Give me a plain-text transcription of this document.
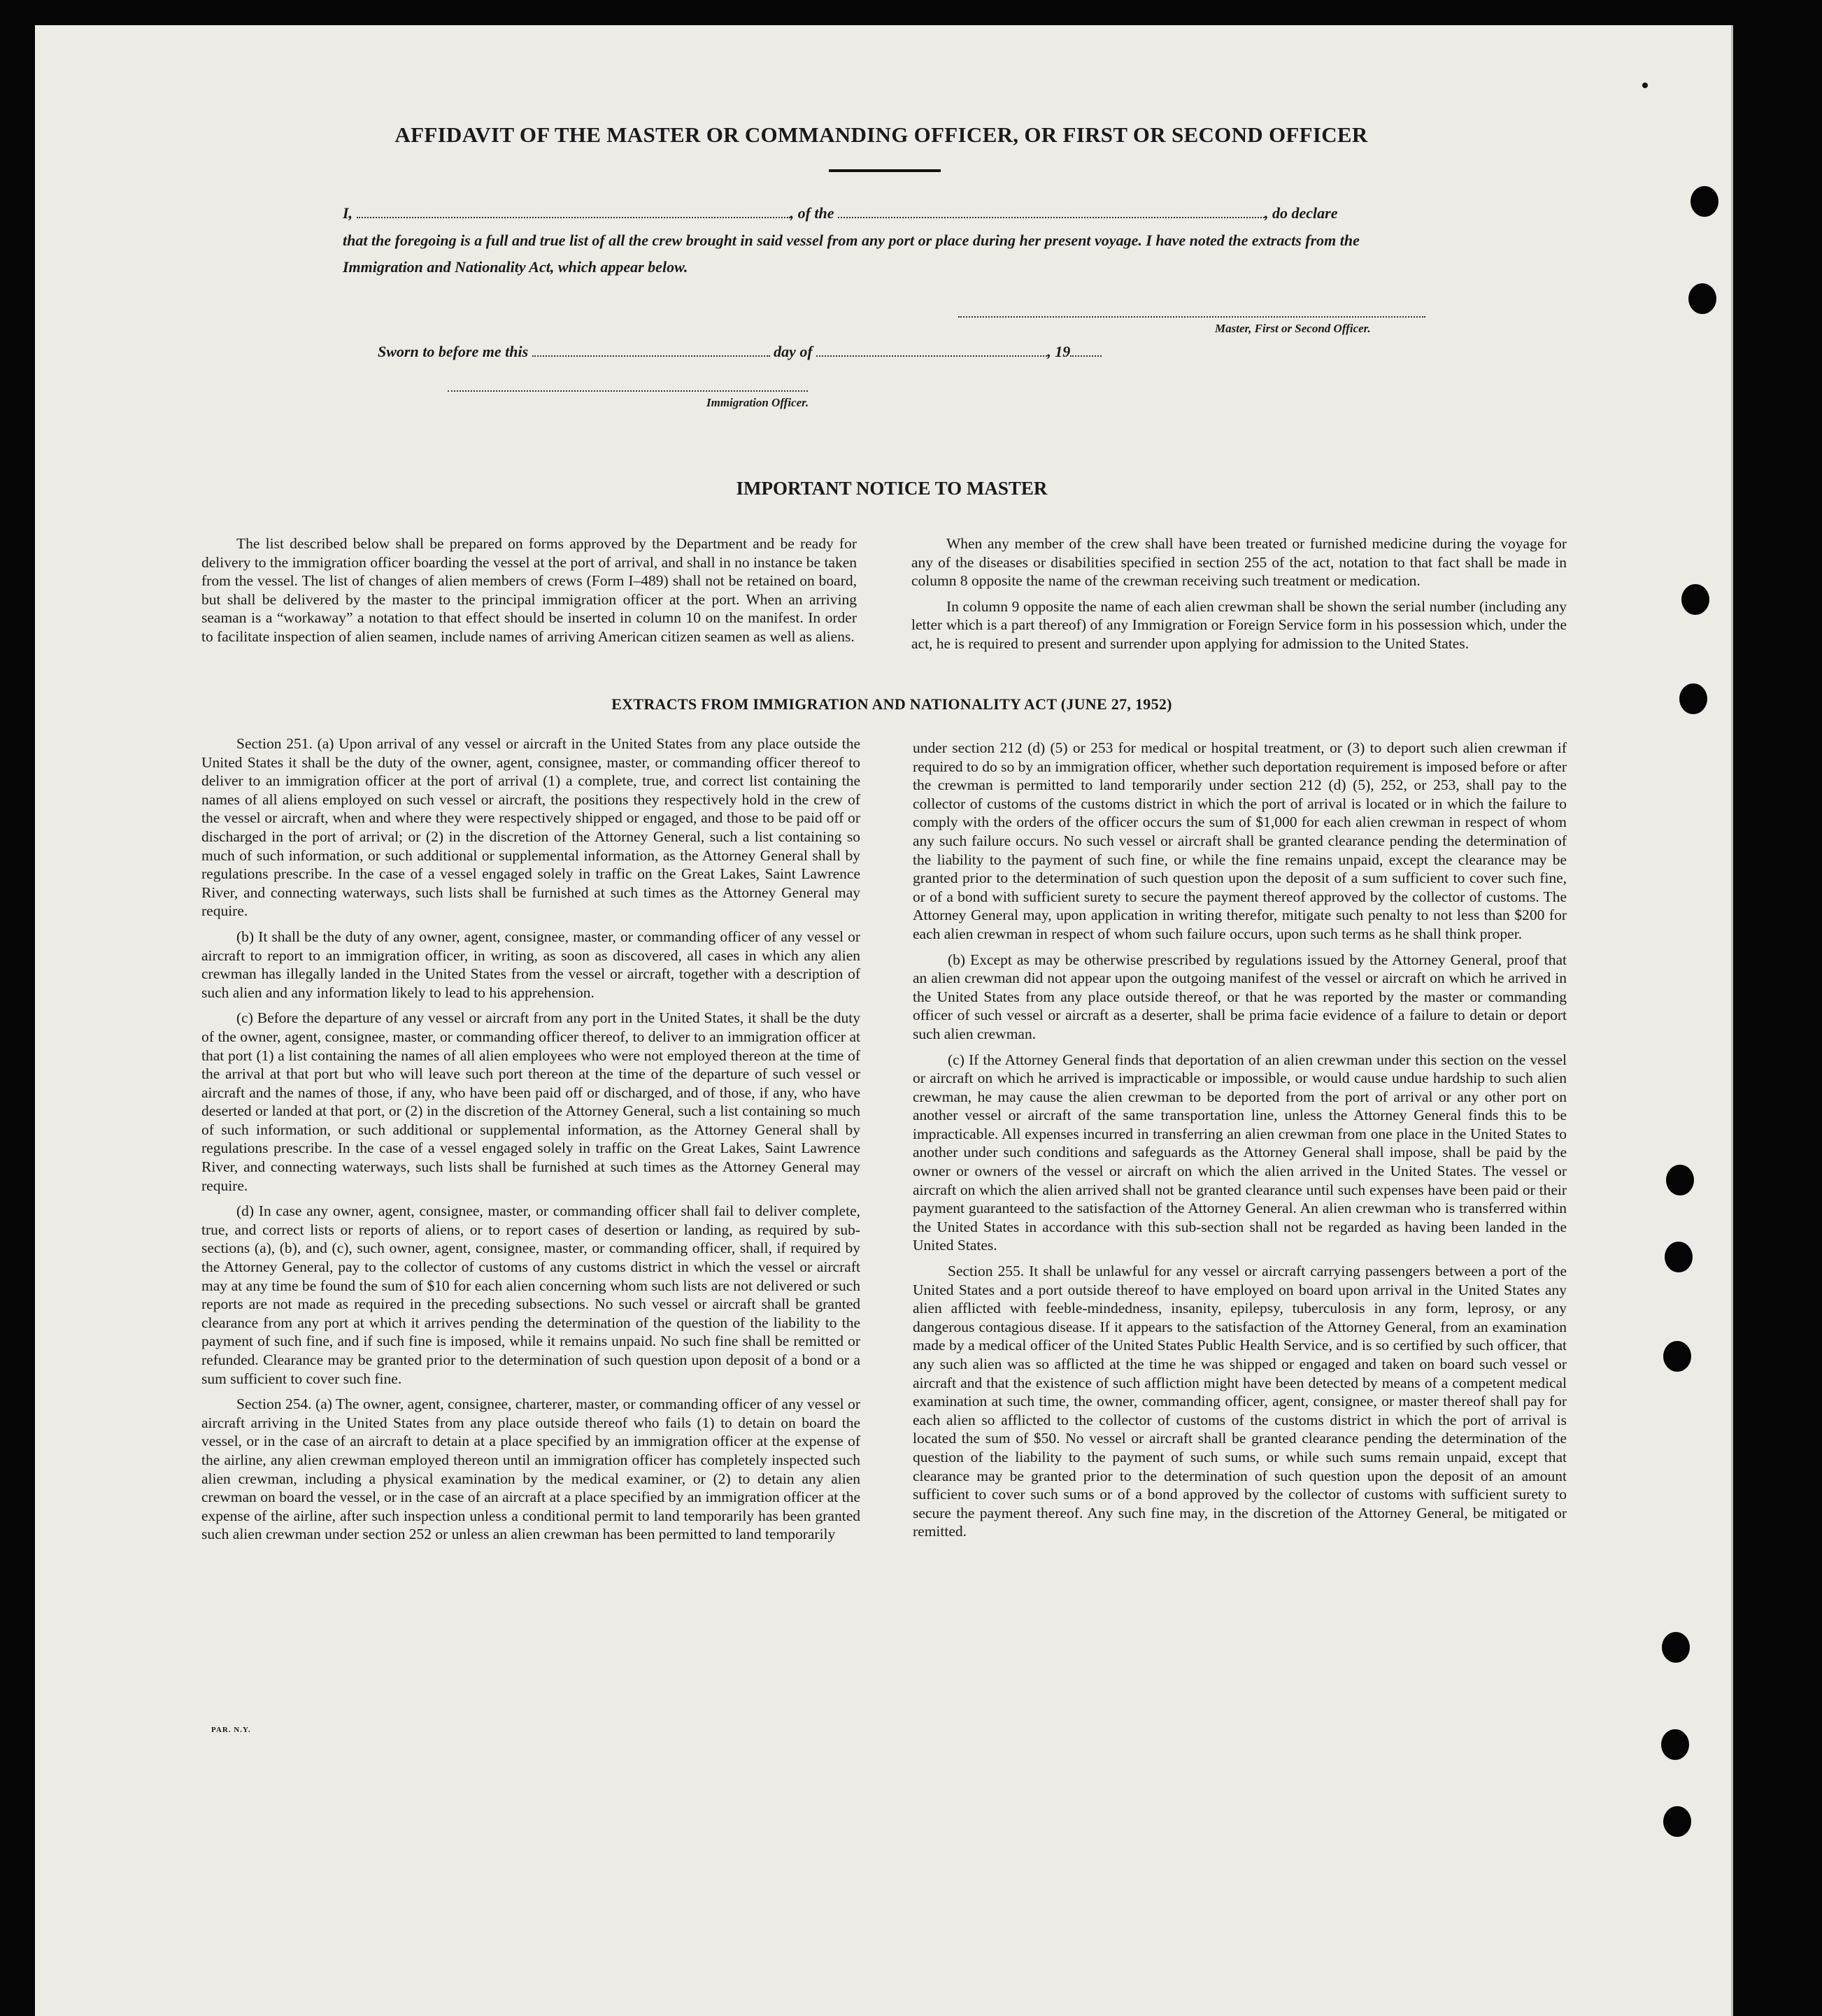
AFFIDAVIT OF THE MASTER OR COMMANDING OFFICER, OR FIRST OR SECOND OFFICER

I,	, of the	, do declare

that the foregoing is a full and true list of all the crew brought in said vessel from any port or place during her present voyage. I have noted the extracts from the Immigration and Nationality Act, which appear below.

Master, First or Second Officer.

Sworn to before me this	day of	, 19

Immigration Officer.

IMPORTANT NOTICE TO MASTER

The list described below shall be prepared on forms approved by the Department and be ready for delivery to the immigration officer boarding the vessel at the port of arrival, and shall in no instance be taken from the vessel. The list of changes of alien members of crews (Form I–489) shall not be retained on board, but shall be delivered by the master to the principal immigration officer at the port. When an arriving seaman is a “workaway” a notation to that effect should be inserted in column 10 on the manifest. In order to facilitate inspection of alien seamen, include names of arriving American citizen seamen as well as aliens.

When any member of the crew shall have been treated or furnished medicine during the voyage for any of the diseases or disabilities specified in section 255 of the act, notation to that fact shall be made in column 8 opposite the name of the crewman receiving such treatment or medication.

In column 9 opposite the name of each alien crewman shall be shown the serial number (including any letter which is a part thereof) of any Immigration or Foreign Service form in his possession which, under the act, he is required to present and surrender upon applying for admission to the United States.

EXTRACTS FROM IMMIGRATION AND NATIONALITY ACT (JUNE 27, 1952)

Section 251. (a) Upon arrival of any vessel or aircraft in the United States from any place outside the United States it shall be the duty of the owner, agent, consignee, master, or commanding officer thereof to deliver to an immigration officer at the port of arrival (1) a complete, true, and correct list containing the names of all aliens employed on such vessel or aircraft, the positions they respectively hold in the crew of the vessel or aircraft, when and where they were respectively shipped or engaged, and those to be paid off or discharged in the port of arrival; or (2) in the discretion of the Attorney General, such a list containing so much of such information, or such additional or supplemental information, as the Attorney General shall by regulations prescribe. In the case of a vessel engaged solely in traffic on the Great Lakes, Saint Lawrence River, and connecting waterways, such lists shall be furnished at such times as the Attorney General may require.

(b) It shall be the duty of any owner, agent, consignee, master, or commanding officer of any vessel or aircraft to report to an immigration officer, in writing, as soon as discovered, all cases in which any alien crewman has illegally landed in the United States from the vessel or aircraft, together with a description of such alien and any information likely to lead to his apprehension.

(c) Before the departure of any vessel or aircraft from any port in the United States, it shall be the duty of the owner, agent, consignee, master, or commanding officer thereof, to deliver to an immigration officer at that port (1) a list containing the names of all alien employees who were not employed thereon at the time of the arrival at that port but who will leave such port thereon at the time of the departure of such vessel or aircraft and the names of those, if any, who have been paid off or discharged, and of those, if any, who have deserted or landed at that port, or (2) in the discretion of the Attorney General, such a list containing so much of such information, or such additional or supplemental information, as the Attorney General shall by regulations prescribe. In the case of a vessel engaged solely in traffic on the Great Lakes, Saint Lawrence River, and connecting waterways, such lists shall be furnished at such times as the Attorney General may require.

(d) In case any owner, agent, consignee, master, or commanding officer shall fail to deliver complete, true, and correct lists or reports of aliens, or to report cases of desertion or landing, as required by sub-sections (a), (b), and (c), such owner, agent, consignee, master, or commanding officer, shall, if required by the Attorney General, pay to the collector of customs of any customs district in which the vessel or aircraft may at any time be found the sum of $10 for each alien concerning whom such lists are not delivered or such reports are not made as required in the preceding subsections. No such vessel or aircraft shall be granted clearance from any port at which it arrives pending the determination of the question of the liability to the payment of such fine, and if such fine is imposed, while it remains unpaid. No such fine shall be remitted or refunded. Clearance may be granted prior to the determination of such question upon deposit of a bond or a sum sufficient to cover such fine.

Section 254. (a) The owner, agent, consignee, charterer, master, or commanding officer of any vessel or aircraft arriving in the United States from any place outside thereof who fails (1) to detain on board the vessel, or in the case of an aircraft to detain at a place specified by an immigration officer at the expense of the airline, any alien crewman employed thereon until an immigration officer has completely inspected such alien crewman, including a physical examination by the medical examiner, or (2) to detain any alien crewman on board the vessel, or in the case of an aircraft at a place specified by an immigration officer at the expense of the airline, after such inspection unless a conditional permit to land temporarily has been granted such alien crewman under section 252 or unless an alien crewman has been permitted to land temporarily

under section 212 (d) (5) or 253 for medical or hospital treatment, or (3) to deport such alien crewman if required to do so by an immigration officer, whether such deportation requirement is imposed before or after the crewman is permitted to land temporarily under section 212 (d) (5), 252, or 253, shall pay to the collector of customs of the customs district in which the port of arrival is located or in which the failure to comply with the orders of the officer occurs the sum of $1,000 for each alien crewman in respect of whom any such failure occurs. No such vessel or aircraft shall be granted clearance pending the determination of the liability to the payment of such fine, or while the fine remains unpaid, except the clearance may be granted prior to the determination of such question upon the deposit of a sum sufficient to cover such fine, or of a bond with sufficient surety to secure the payment thereof approved by the collector of customs. The Attorney General may, upon application in writing therefor, mitigate such penalty to not less than $200 for each alien crewman in respect of whom such failure occurs, upon such terms as he shall think proper.

(b) Except as may be otherwise prescribed by regulations issued by the Attorney General, proof that an alien crewman did not appear upon the outgoing manifest of the vessel or aircraft on which he arrived in the United States from any place outside thereof, or that he was reported by the master or commanding officer of such vessel or aircraft as a deserter, shall be prima facie evidence of a failure to detain or deport such alien crewman.

(c) If the Attorney General finds that deportation of an alien crewman under this section on the vessel or aircraft on which he arrived is impracticable or impossible, or would cause undue hardship to such alien crewman, he may cause the alien crewman to be deported from the port of arrival or any other port on another vessel or aircraft of the same transportation line, unless the Attorney General finds this to be impracticable. All expenses incurred in transferring an alien crewman from one place in the United States to another under such conditions and safeguards as the Attorney General shall impose, shall be paid by the owner or owners of the vessel or aircraft on which the alien arrived in the United States. The vessel or aircraft on which the alien arrived shall not be granted clearance until such expenses have been paid or their payment guaranteed to the satisfaction of the Attorney General. An alien crewman who is transferred within the United States in accordance with this sub-section shall not be regarded as having been landed in the United States.

Section 255. It shall be unlawful for any vessel or aircraft carrying passengers between a port of the United States and a port outside thereof to have employed on board upon arrival in the United States any alien afflicted with feeble-mindedness, insanity, epilepsy, tuberculosis in any form, leprosy, or any dangerous contagious disease. If it appears to the satisfaction of the Attorney General, from an examination made by a medical officer of the United States Public Health Service, and is so certified by such officer, that any such alien was so afflicted at the time he was shipped or engaged and taken on board such vessel or aircraft and that the existence of such affliction might have been detected by means of a competent medical examination at such time, the owner, commanding officer, agent, consignee, or master thereof shall pay for each alien so afflicted to the collector of customs of the customs district in which the port of arrival is located the sum of $50. No vessel or aircraft shall be granted clearance pending the determination of the question of the liability to the payment of such sums, or while such sums remain unpaid, except that clearance may be granted prior to the determination of such question upon the deposit of an amount sufficient to cover such sums or of a bond approved by the collector of customs with sufficient surety to secure the payment thereof. Any such fine may, in the discretion of the Attorney General, be mitigated or remitted.

PAR. N.Y.
